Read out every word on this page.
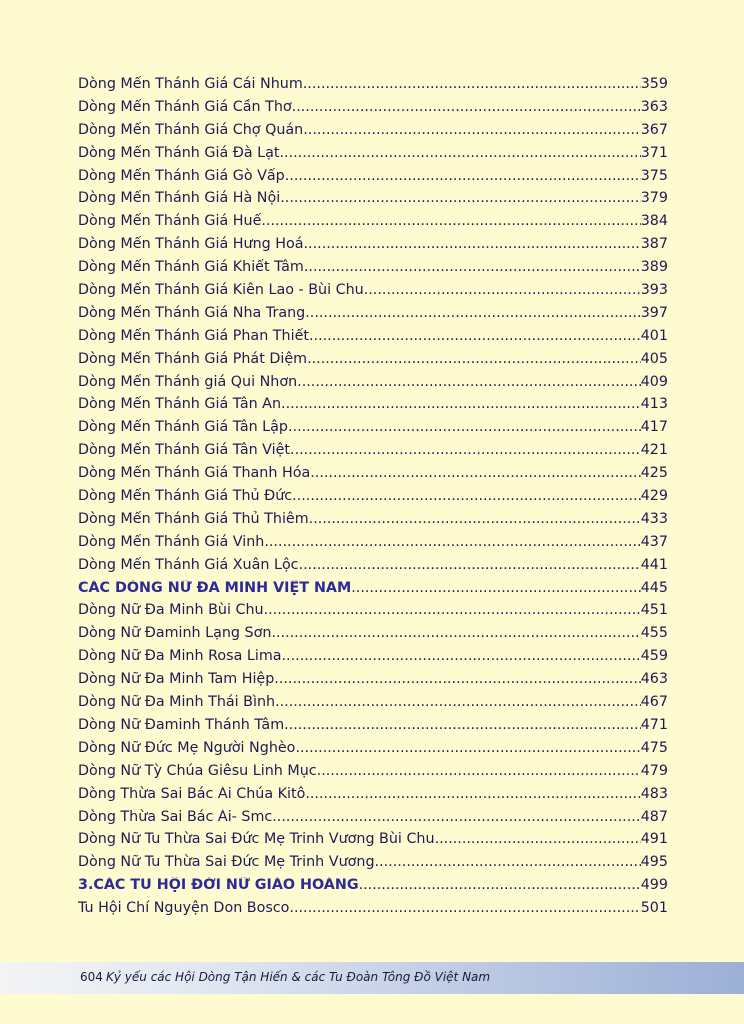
Dòng Mến Thánh Giá Cái Nhum .....	359
Dòng Mến Thánh Giá Cần Thơ .....	363
Dòng Mến Thánh Giá Chợ Quán .....	367
Dòng Mến Thánh Giá Đà Lạt .....	371
Dòng Mến Thánh Giá Gò Vấp .....	375
Dòng Mến Thánh Giá Hà Nội .....	379
Dòng Mến Thánh Giá Huế .....	384
Dòng Mến Thánh Giá Hưng Hoá .....	387
Dòng Mến Thánh Giá Khiết Tâm .....	389
Dòng Mến Thánh Giá Kiên Lao - Bùi Chu .....	393
Dòng Mến Thánh Giá Nha Trang .....	397
Dòng Mến Thánh Giá Phan Thiết .....	401
Dòng Mến Thánh Giá Phát Diệm .....	405
Dòng Mến Thánh giá Qui Nhơn .....	409
Dòng Mến Thánh Giá Tân An .....	413
Dòng Mến Thánh Giá Tân Lập .....	417
Dòng Mến Thánh Giá Tân Việt .....	421
Dòng Mến Thánh Giá Thanh Hóa .....	425
Dòng Mến Thánh Giá Thủ Đức .....	429
Dòng Mến Thánh Giá Thủ Thiêm .....	433
Dòng Mến Thánh Giá Vinh .....	437
Dòng Mến Thánh Giá Xuân Lộc .....	441
CÁC DÒNG NỮ ĐA MINH VIỆT NAM .....	445
Dòng Nữ Đa Minh Bùi Chu .....	451
Dòng Nữ Đaminh Lạng Sơn .....	455
Dòng Nữ Đa Minh Rosa Lima .....	459
Dòng Nữ Đa Minh Tam Hiệp .....	463
Dòng Nữ Đa Minh Thái Bình .....	467
Dòng Nữ Đaminh Thánh Tâm .....	471
Dòng Nữ Đức Mẹ Người Nghèo .....	475
Dòng Nữ Tỳ Chúa Giêsu Linh Mục .....	479
Dòng Thừa Sai Bác Ái Chúa Kitô .....	483
Dòng Thừa Sai Bác Ái- Smc .....	487
Dòng Nữ Tu Thừa Sai Đức Mẹ Trinh Vương Bùi Chu .....	491
Dòng Nữ Tu Thừa Sai Đức Mẹ Trinh Vương .....	495
3.CÁC TU HỘI ĐỜI NỮ GIÁO HOÀNG .....	499
Tu Hội Chí Nguyện Don Bosco .....	501
604 Kỷ yếu các Hội Dòng Tận Hiến & các Tu Đoàn Tông Đồ Việt Nam
